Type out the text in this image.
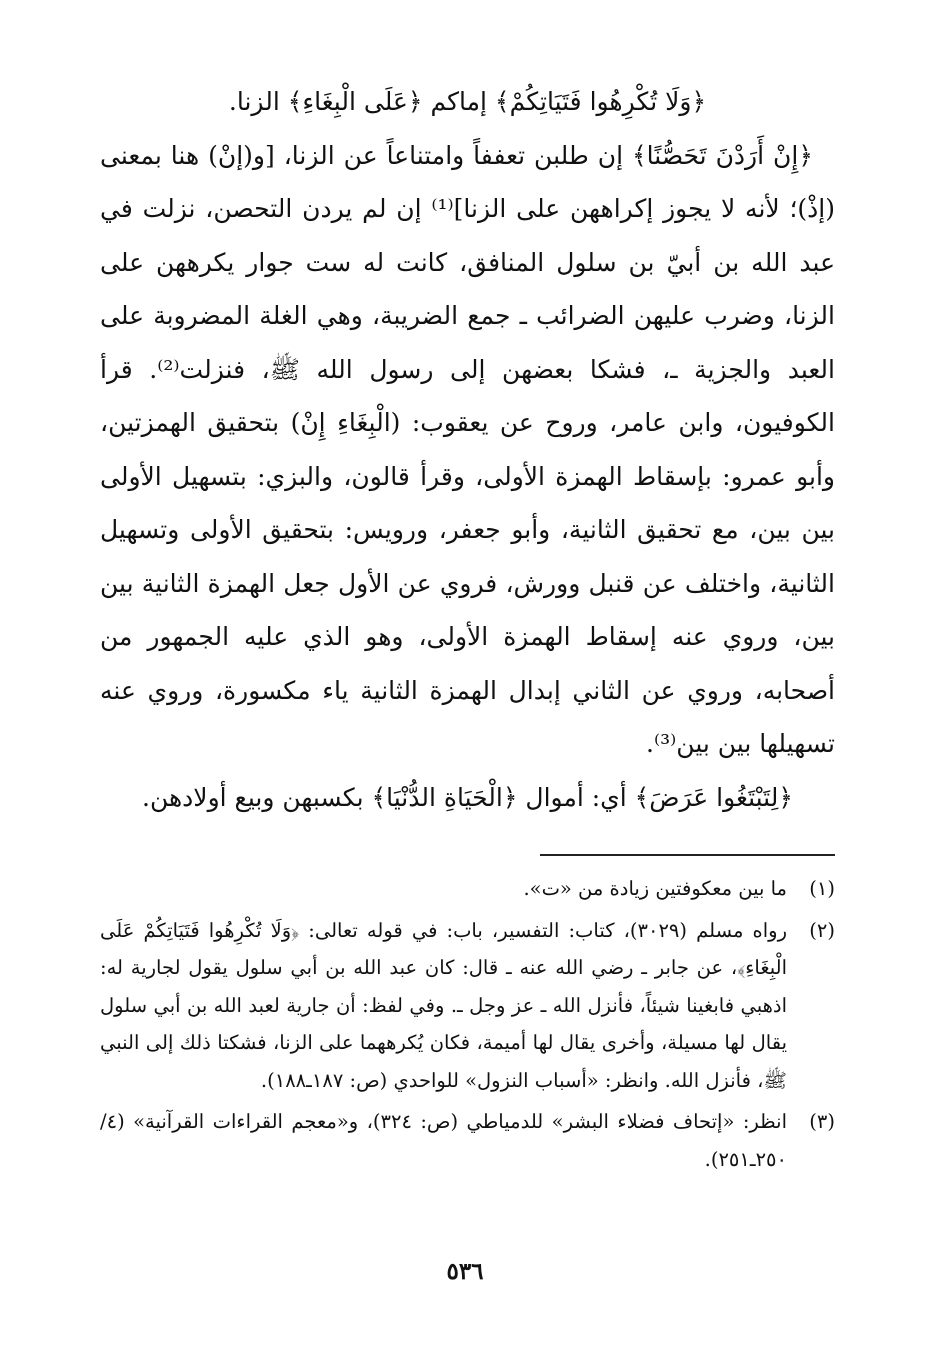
﴿وَلَا تُكْرِهُوا فَتَيَاتِكُمْ﴾ إماكم ﴿عَلَى الْبِغَاءِ﴾ الزنا.

﴿إِنْ أَرَدْنَ تَحَصُّنًا﴾ إن طلبن تعففاً وامتناعاً عن الزنا، [و(إنْ) هنا بمعنى (إذْ)؛ لأنه لا يجوز إكراههن على الزنا]⁽¹⁾ إن لم يردن التحصن، نزلت في عبد الله بن أبيّ بن سلول المنافق، كانت له ست جوار يكرههن على الزنا، وضرب عليهن الضرائب ـ جمع الضريبة، وهي الغلة المضروبة على العبد والجزية ـ، فشكا بعضهن إلى رسول الله ﷺ، فنزلت⁽²⁾. قرأ الكوفيون، وابن عامر، وروح عن يعقوب: (الْبِغَاءِ إِنْ) بتحقيق الهمزتين، وأبو عمرو: بإسقاط الهمزة الأولى، وقرأ قالون، والبزي: بتسهيل الأولى بين بين، مع تحقيق الثانية، وأبو جعفر، ورويس: بتحقيق الأولى وتسهيل الثانية، واختلف عن قنبل وورش، فروي عن الأول جعل الهمزة الثانية بين بين، وروي عنه إسقاط الهمزة الأولى، وهو الذي عليه الجمهور من أصحابه، وروي عن الثاني إبدال الهمزة الثانية ياء مكسورة، وروي عنه تسهيلها بين بين⁽³⁾.

﴿لِتَبْتَغُوا عَرَضَ﴾ أي: أموال ﴿الْحَيَاةِ الدُّنْيَا﴾ بكسبهن وبيع أولادهن.

(١)
ما بين معكوفتين زيادة من «ت».
(٢)
رواه مسلم (٣٠٢٩)، كتاب: التفسير، باب: في قوله تعالى: ﴿وَلَا تُكْرِهُوا فَتَيَاتِكُمْ عَلَى الْبِغَاءِ﴾، عن جابر ـ رضي الله عنه ـ قال: كان عبد الله بن أبي سلول يقول لجارية له: اذهبي فابغينا شيئاً، فأنزل الله ـ عز وجل ـ. وفي لفظ: أن جارية لعبد الله بن أبي سلول يقال لها مسيلة، وأخرى يقال لها أميمة، فكان يُكرههما على الزنا، فشكتا ذلك إلى النبي ﷺ، فأنزل الله. وانظر: «أسباب النزول» للواحدي (ص: ١٨٧ـ١٨٨).
(٣)
انظر: «إتحاف فضلاء البشر» للدمياطي (ص: ٣٢٤)، و«معجم القراءات القرآنية» (٤/ ٢٥٠ـ٢٥١).
٥٣٦
